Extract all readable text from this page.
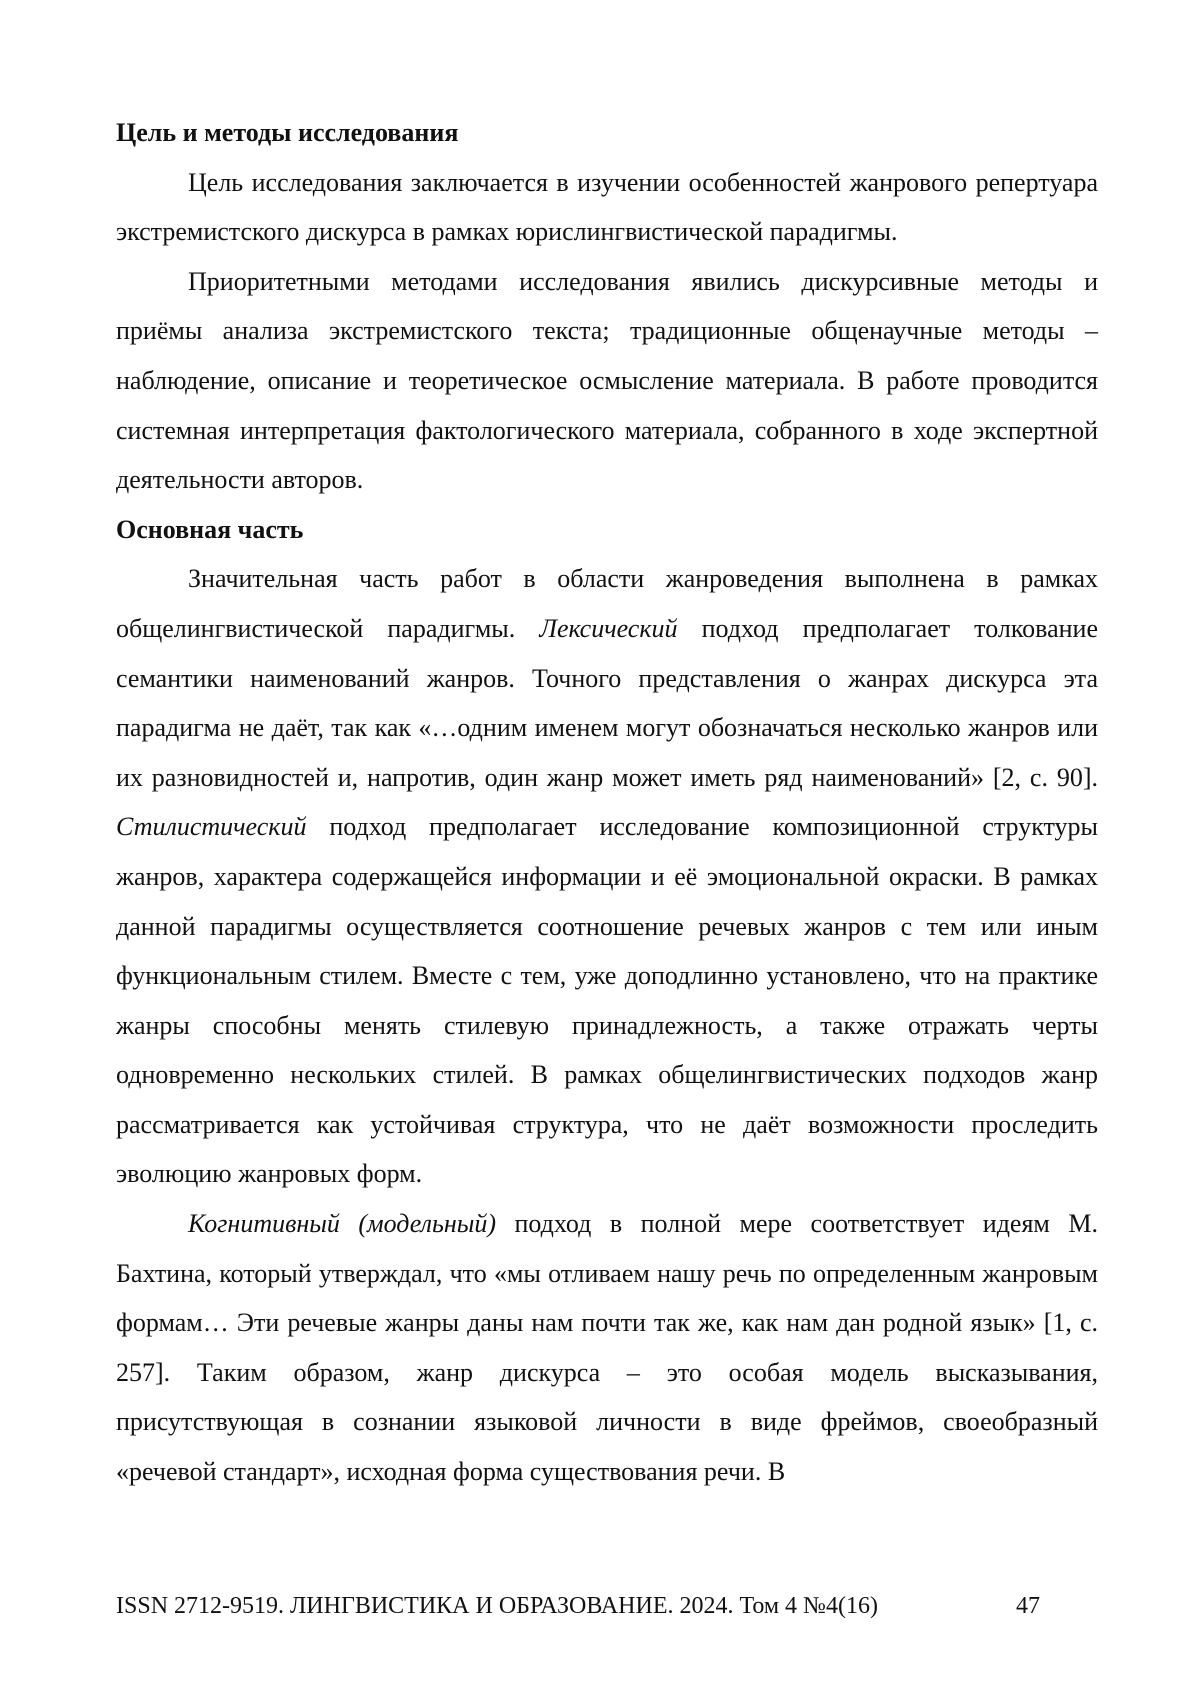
Цель и методы исследования

Цель исследования заключается в изучении особенностей жанрового репертуара экстремистского дискурса в рамках юрислингвистической парадигмы.

Приоритетными методами исследования явились дискурсивные методы и приёмы анализа экстремистского текста; традиционные общенаучные методы – наблюдение, описание и теоретическое осмысление материала. В работе проводится системная интерпретация фактологического материала, собранного в ходе экспертной деятельности авторов.

Основная часть

Значительная часть работ в области жанроведения выполнена в рамках общелингвистической парадигмы. Лексический подход предполагает толкование семантики наименований жанров. Точного представления о жанрах дискурса эта парадигма не даёт, так как «…одним именем могут обозначаться несколько жанров или их разновидностей и, напротив, один жанр может иметь ряд наименований» [2, с. 90]. Стилистический подход предполагает исследование композиционной структуры жанров, характера содержащейся информации и её эмоциональной окраски. В рамках данной парадигмы осуществляется соотношение речевых жанров с тем или иным функциональным стилем. Вместе с тем, уже доподлинно установлено, что на практике жанры способны менять стилевую принадлежность, а также отражать черты одновременно нескольких стилей. В рамках общелингвистических подходов жанр рассматривается как устойчивая структура, что не даёт возможности проследить эволюцию жанровых форм.

Когнитивный (модельный) подход в полной мере соответствует идеям М. Бахтина, который утверждал, что «мы отливаем нашу речь по определенным жанровым формам… Эти речевые жанры даны нам почти так же, как нам дан родной язык» [1, с. 257]. Таким образом, жанр дискурса – это особая модель высказывания, присутствующая в сознании языковой личности в виде фреймов, своеобразный «речевой стандарт», исходная форма существования речи. В

ISSN 2712-9519. ЛИНГВИСТИКА И ОБРАЗОВАНИЕ. 2024. Том 4 №4(16)	47
